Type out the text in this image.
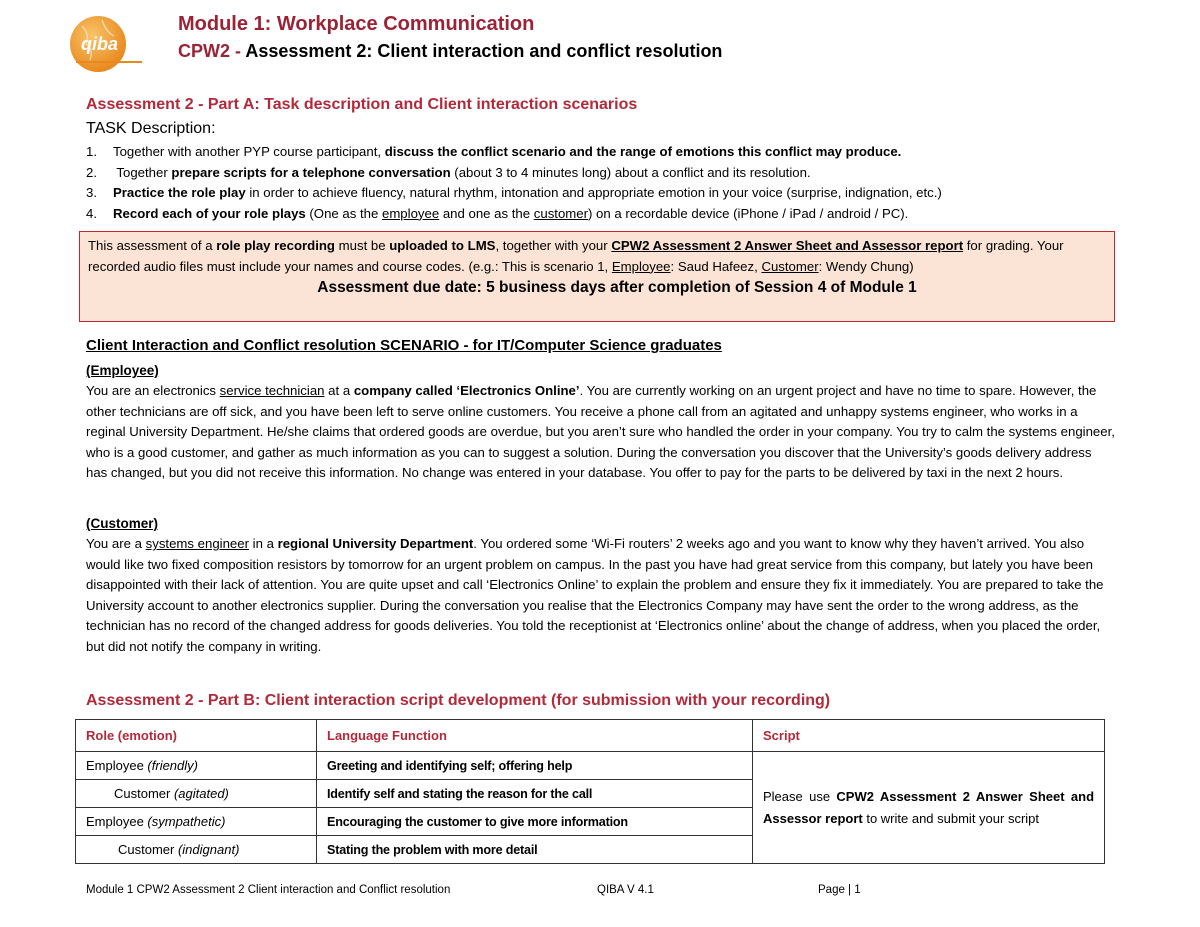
qiba
Module 1: Workplace Communication
CPW2 - Assessment 2: Client interaction and conflict resolution
Assessment 2 - Part A: Task description and Client interaction scenarios
TASK Description:
1. Together with another PYP course participant, discuss the conflict scenario and the range of emotions this conflict may produce.
2. Together prepare scripts for a telephone conversation (about 3 to 4 minutes long) about a conflict and its resolution.
3. Practice the role play in order to achieve fluency, natural rhythm, intonation and appropriate emotion in your voice (surprise, indignation, etc.)
4. Record each of your role plays (One as the employee and one as the customer) on a recordable device (iPhone / iPad / android / PC).
This assessment of a role play recording must be uploaded to LMS, together with your CPW2 Assessment 2 Answer Sheet and Assessor report for grading. Your recorded audio files must include your names and course codes. (e.g.: This is scenario 1, Employee: Saud Hafeez, Customer: Wendy Chung)
Assessment due date: 5 business days after completion of Session 4 of Module 1
Client Interaction and Conflict resolution SCENARIO - for IT/Computer Science graduates
(Employee)
You are an electronics service technician at a company called ‘Electronics Online’. You are currently working on an urgent project and have no time to spare. However, the other technicians are off sick, and you have been left to serve online customers. You receive a phone call from an agitated and unhappy systems engineer, who works in a reginal University Department. He/she claims that ordered goods are overdue, but you aren’t sure who handled the order in your company. You try to calm the systems engineer, who is a good customer, and gather as much information as you can to suggest a solution. During the conversation you discover that the University’s goods delivery address has changed, but you did not receive this information. No change was entered in your database. You offer to pay for the parts to be delivered by taxi in the next 2 hours.
(Customer)
You are a systems engineer in a regional University Department. You ordered some ‘Wi-Fi routers’ 2 weeks ago and you want to know why they haven’t arrived. You also would like two fixed composition resistors by tomorrow for an urgent problem on campus. In the past you have had great service from this company, but lately you have been disappointed with their lack of attention. You are quite upset and call ‘Electronics Online’ to explain the problem and ensure they fix it immediately. You are prepared to take the University account to another electronics supplier. During the conversation you realise that the Electronics Company may have sent the order to the wrong address, as the technician has no record of the changed address for goods deliveries. You told the receptionist at ‘Electronics online’ about the change of address, when you placed the order, but did not notify the company in writing.
Assessment 2 - Part B: Client interaction script development (for submission with your recording)
Role (emotion)	Language Function	Script
Employee (friendly)	Greeting and identifying self; offering help	Please use CPW2 Assessment 2 Answer Sheet and Assessor report to write and submit your script
Customer (agitated)	Identify self and stating the reason for the call	
Employee (sympathetic)	Encouraging the customer to give more information	
Customer (indignant)	Stating the problem with more detail	
Module 1 CPW2 Assessment 2 Client interaction and Conflict resolution	QIBA V 4.1	Page | 1
